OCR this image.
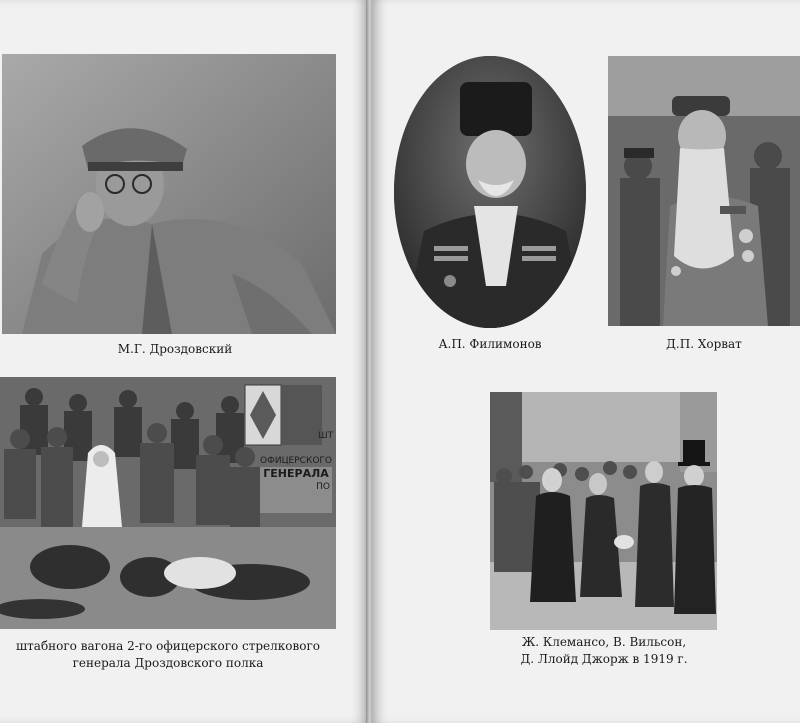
М.Г. Дроздовский
ОФИЦЕРСКОГО
ГЕНЕРАЛА
ПО
ШТ
штабного вагона 2-го офицерского стрелкового
генерала Дроздовского полка
А.П. Филимонов	Д.П. Хорват
Ж. Клемансо, В. Вильсон,
Д. Ллойд Джорж в 1919 г.
